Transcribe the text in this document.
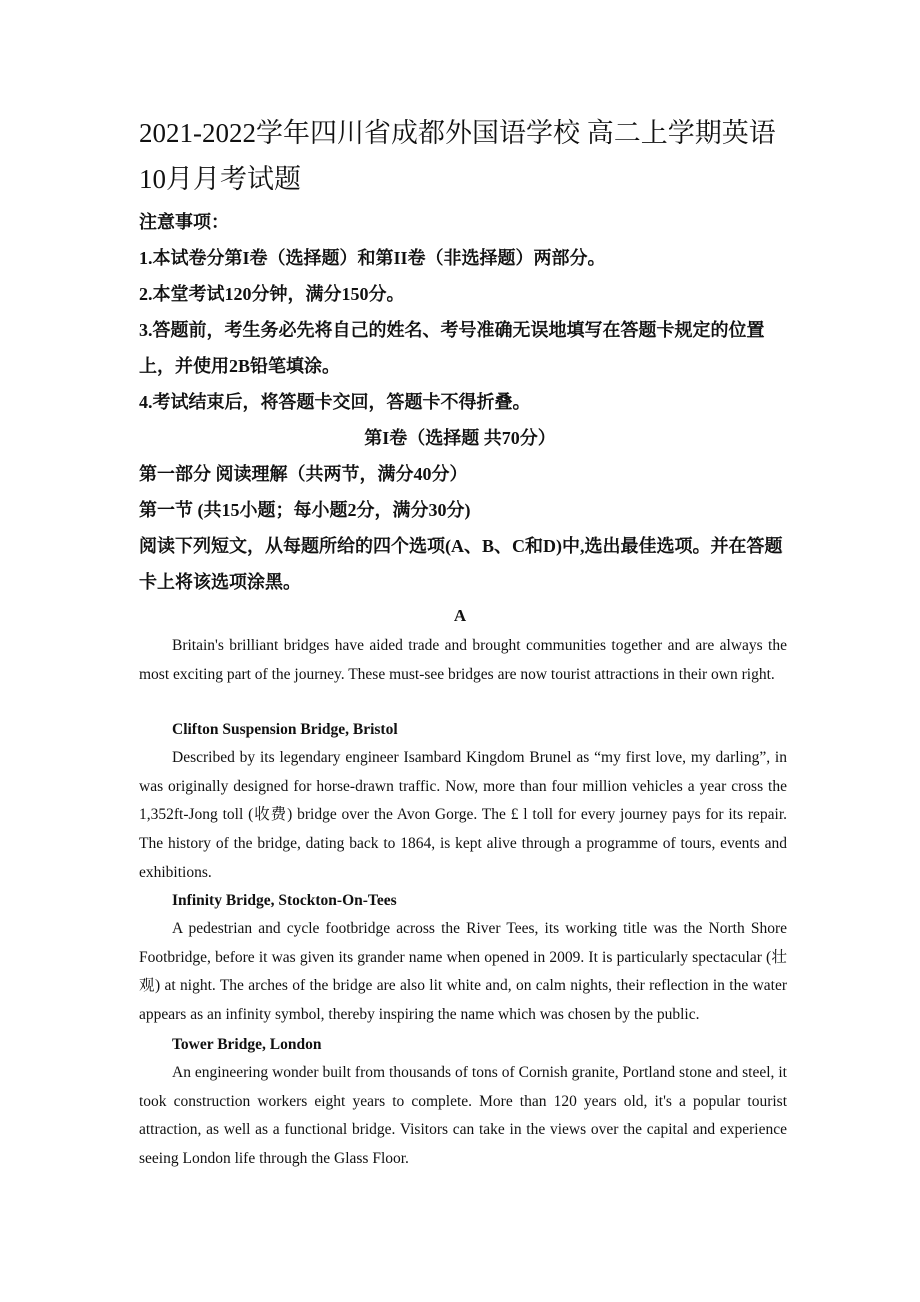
2021-2022学年四川省成都外国语学校 高二上学期英语10月月考试题

注意事项：

1.本试卷分第I卷（选择题）和第II卷（非选择题）两部分。

2.本堂考试120分钟，满分150分。

3.答题前，考生务必先将自己的姓名、考号准确无误地填写在答题卡规定的位置上，并使用2B铅笔填涂。

4.考试结束后，将答题卡交回，答题卡不得折叠。

第I卷（选择题 共70分）

第一部分 阅读理解（共两节，满分40分）

第一节 (共15小题；每小题2分，满分30分)

阅读下列短文，从每题所给的四个选项(A、B、C和D)中,选出最佳选项。并在答题卡上将该选项涂黑。

A

Britain's brilliant bridges have aided trade and brought communities together and are always the most exciting part of the journey. These must-see bridges are now tourist attractions in their own right.

Clifton Suspension Bridge, Bristol

Described by its legendary engineer Isambard Kingdom Brunel as “my first love, my darling”, in was originally designed for horse-drawn traffic. Now, more than four million vehicles a year cross the 1,352ft-Jong toll (收费) bridge over the Avon Gorge. The £ l toll for every journey pays for its repair. The history of the bridge, dating back to 1864, is kept alive through a programme of tours, events and exhibitions.

Infinity Bridge, Stockton-On-Tees

A pedestrian and cycle footbridge across the River Tees, its working title was the North Shore Footbridge, before it was given its grander name when opened in 2009. It is particularly spectacular (壮观) at night. The arches of the bridge are also lit white and, on calm nights, their reflection in the water appears as an infinity symbol, thereby inspiring the name which was chosen by the public.

Tower Bridge, London

An engineering wonder built from thousands of tons of Cornish granite, Portland stone and steel, it took construction workers eight years to complete. More than 120 years old, it's a popular tourist attraction, as well as a functional bridge. Visitors can take in the views over the capital and experience seeing London life through the Glass Floor.
